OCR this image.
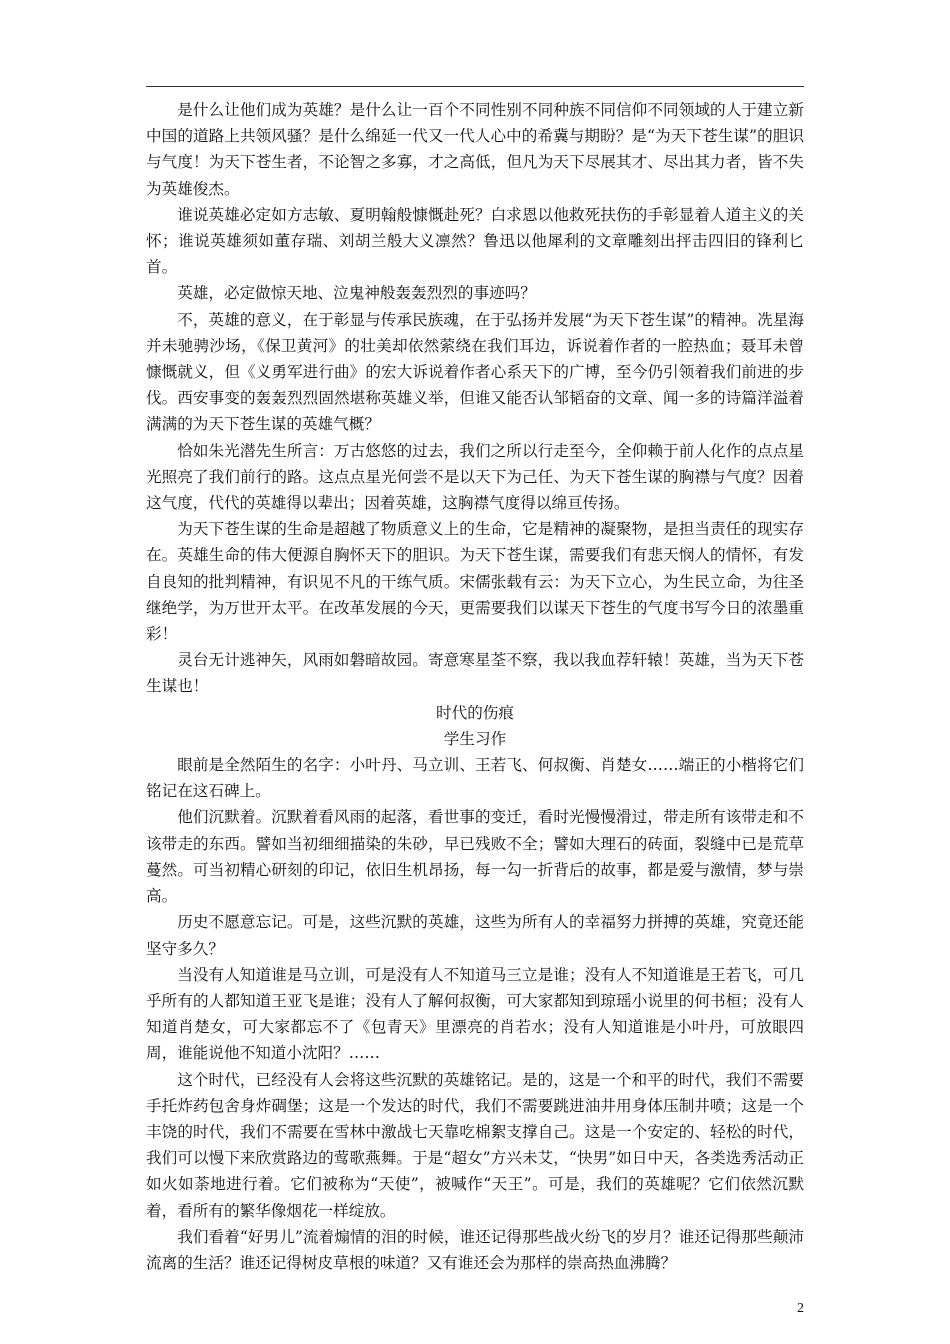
是什么让他们成为英雄？是什么让一百个不同性别不同种族不同信仰不同领域的人于建立新中国的道路上共领风骚？是什么绵延一代又一代人心中的希冀与期盼？是“为天下苍生谋”的胆识与气度！为天下苍生者，不论智之多寡，才之高低，但凡为天下尽展其才、尽出其力者，皆不失为英雄俊杰。

谁说英雄必定如方志敏、夏明翰般慷慨赴死？白求恩以他救死扶伤的手彰显着人道主义的关怀；谁说英雄须如董存瑞、刘胡兰般大义凛然？鲁迅以他犀利的文章雕刻出抨击四旧的锋利匕首。

英雄，必定做惊天地、泣鬼神般轰轰烈烈的事迹吗？

不，英雄的意义，在于彰显与传承民族魂，在于弘扬并发展“为天下苍生谋”的精神。冼星海并未驰骋沙场，《保卫黄河》的壮美却依然萦绕在我们耳边，诉说着作者的一腔热血；聂耳未曾慷慨就义，但《义勇军进行曲》的宏大诉说着作者心系天下的广博，至今仍引领着我们前进的步伐。西安事变的轰轰烈烈固然堪称英雄义举，但谁又能否认邹韬奋的文章、闻一多的诗篇洋溢着满满的为天下苍生谋的英雄气概？

恰如朱光潜先生所言：万古悠悠的过去，我们之所以行走至今，全仰赖于前人化作的点点星光照亮了我们前行的路。这点点星光何尝不是以天下为己任、为天下苍生谋的胸襟与气度？因着这气度，代代的英雄得以辈出；因着英雄，这胸襟气度得以绵亘传扬。

为天下苍生谋的生命是超越了物质意义上的生命，它是精神的凝聚物，是担当责任的现实存在。英雄生命的伟大便源自胸怀天下的胆识。为天下苍生谋，需要我们有悲天悯人的情怀，有发自良知的批判精神，有识见不凡的干练气质。宋儒张载有云：为天下立心，为生民立命，为往圣继绝学，为万世开太平。在改革发展的今天，更需要我们以谋天下苍生的气度书写今日的浓墨重彩！

灵台无计逃神矢，风雨如磐暗故园。寄意寒星荃不察，我以我血荐轩辕！英雄，当为天下苍生谋也！

时代的伤痕

学生习作

眼前是全然陌生的名字：小叶丹、马立训、王若飞、何叔衡、肖楚女……端正的小楷将它们铭记在这石碑上。

他们沉默着。沉默着看风雨的起落，看世事的变迁，看时光慢慢滑过，带走所有该带走和不该带走的东西。譬如当初细细描染的朱砂，早已残败不全；譬如大理石的砖面，裂缝中已是荒草蔓然。可当初精心研刻的印记，依旧生机昂扬，每一勾一折背后的故事，都是爱与激情，梦与崇高。

历史不愿意忘记。可是，这些沉默的英雄，这些为所有人的幸福努力拼搏的英雄，究竟还能坚守多久？

当没有人知道谁是马立训，可是没有人不知道马三立是谁；没有人不知道谁是王若飞，可几乎所有的人都知道王亚飞是谁；没有人了解何叔衡，可大家都知到琼瑶小说里的何书桓；没有人知道肖楚女，可大家都忘不了《包青天》里漂亮的肖若水；没有人知道谁是小叶丹，可放眼四周，谁能说他不知道小沈阳？……

这个时代，已经没有人会将这些沉默的英雄铭记。是的，这是一个和平的时代，我们不需要手托炸药包舍身炸碉堡；这是一个发达的时代，我们不需要跳进油井用身体压制井喷；这是一个丰饶的时代，我们不需要在雪林中激战七天靠吃棉絮支撑自己。这是一个安定的、轻松的时代，我们可以慢下来欣赏路边的莺歌燕舞。于是“超女”方兴未艾，“快男”如日中天，各类选秀活动正如火如荼地进行着。它们被称为“天使”，被喊作“天王”。可是，我们的英雄呢？它们依然沉默着，看所有的繁华像烟花一样绽放。

我们看着“好男儿”流着煽情的泪的时候，谁还记得那些战火纷飞的岁月？谁还记得那些颠沛流离的生活？谁还记得树皮草根的味道？又有谁还会为那样的崇高热血沸腾？

2
